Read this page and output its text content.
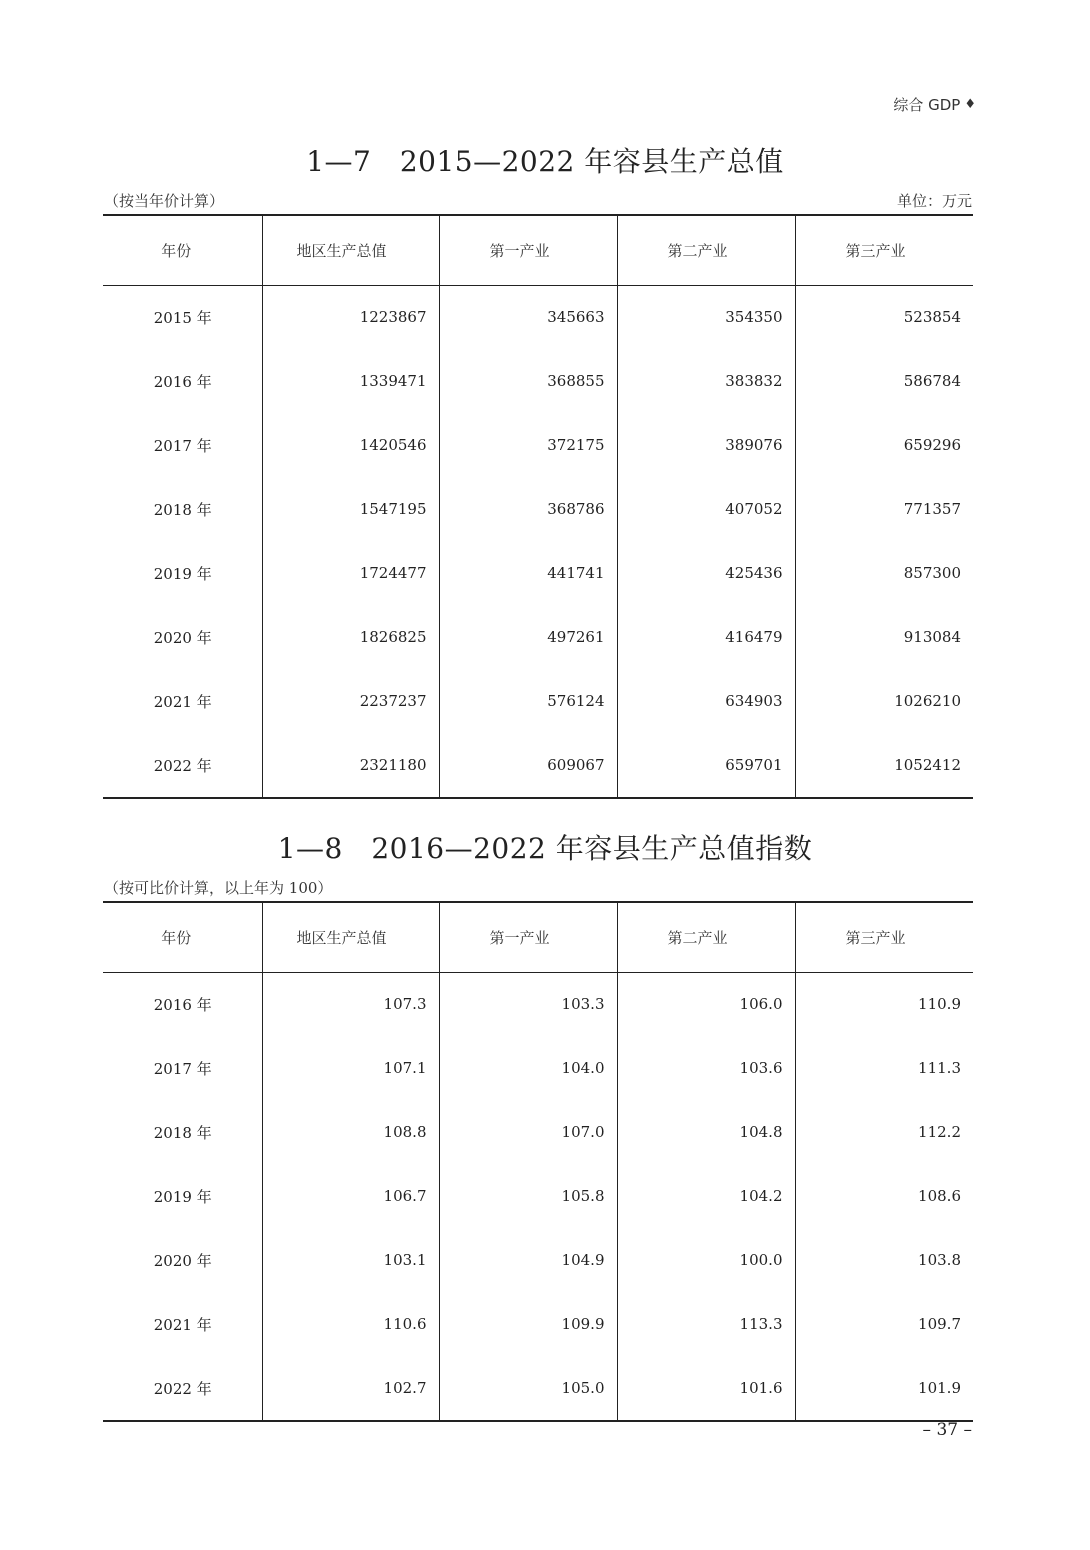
综合 GDP ♦
1—7　2015—2022 年容县生产总值
（按当年价计算）	单位：万元
年份	地区生产总值	第一产业	第二产业	第三产业
2015 年	1223867	345663	354350	523854
2016 年	1339471	368855	383832	586784
2017 年	1420546	372175	389076	659296
2018 年	1547195	368786	407052	771357
2019 年	1724477	441741	425436	857300
2020 年	1826825	497261	416479	913084
2021 年	2237237	576124	634903	1026210
2022 年	2321180	609067	659701	1052412
1—8　2016—2022 年容县生产总值指数
（按可比价计算，以上年为 100）
年份	地区生产总值	第一产业	第二产业	第三产业
2016 年	107.3	103.3	106.0	110.9
2017 年	107.1	104.0	103.6	111.3
2018 年	108.8	107.0	104.8	112.2
2019 年	106.7	105.8	104.2	108.6
2020 年	103.1	104.9	100.0	103.8
2021 年	110.6	109.9	113.3	109.7
2022 年	102.7	105.0	101.6	101.9
– 37 –
